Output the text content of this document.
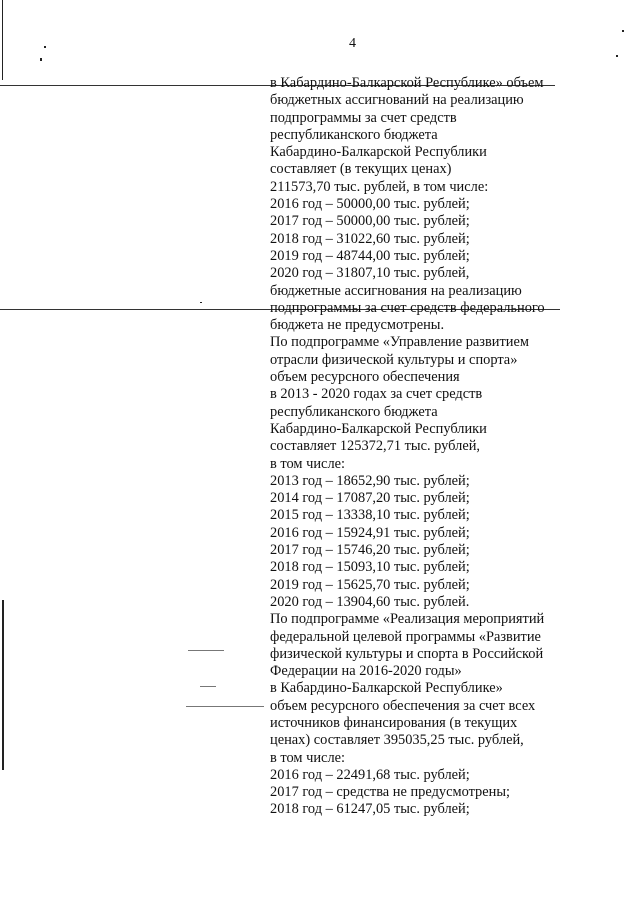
4
в Кабардино-Балкарской Республике» объем
бюджетных ассигнований на реализацию
подпрограммы за счет средств
республиканского бюджета
Кабардино-Балкарской Республики
составляет (в текущих ценах)
211573,70 тыс. рублей, в том числе:
2016 год – 50000,00 тыс. рублей;
2017 год – 50000,00 тыс. рублей;
2018 год – 31022,60 тыс. рублей;
2019 год – 48744,00 тыс. рублей;
2020 год – 31807,10 тыс. рублей,
бюджетные ассигнования на реализацию
подпрограммы за счет средств федерального
бюджета не предусмотрены.
По подпрограмме «Управление развитием
отрасли физической культуры и спорта»
объем ресурсного обеспечения
в 2013 - 2020 годах за счет средств
республиканского бюджета
Кабардино-Балкарской Республики
составляет 125372,71 тыс. рублей,
в том числе:
2013 год – 18652,90 тыс. рублей;
2014 год – 17087,20 тыс. рублей;
2015 год – 13338,10 тыс. рублей;
2016 год – 15924,91 тыс. рублей;
2017 год – 15746,20 тыс. рублей;
2018 год – 15093,10 тыс. рублей;
2019 год – 15625,70 тыс. рублей;
2020 год – 13904,60 тыс. рублей.
По подпрограмме «Реализация мероприятий
федеральной целевой программы «Развитие
физической культуры и спорта в Российской
Федерации на 2016-2020 годы»
в Кабардино-Балкарской Республике»
объем ресурсного обеспечения за счет всех
источников финансирования (в текущих
ценах) составляет 395035,25 тыс. рублей,
в том числе:
2016 год – 22491,68 тыс. рублей;
2017 год – средства не предусмотрены;
2018 год – 61247,05 тыс. рублей;
